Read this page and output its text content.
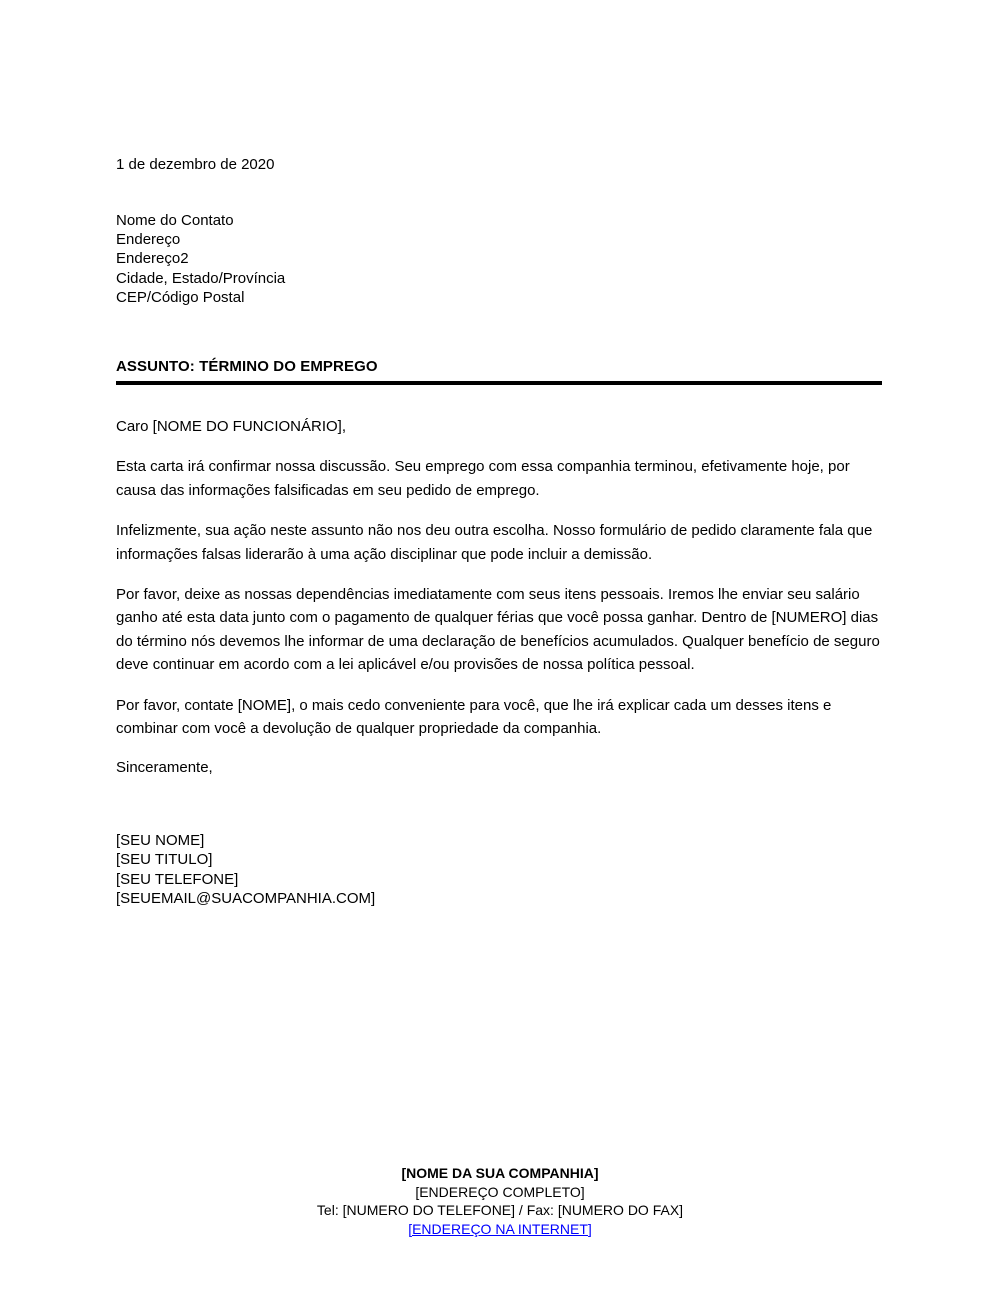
1 de dezembro de 2020
Nome do Contato
Endereço
Endereço2
Cidade, Estado/Província
CEP/Código Postal
ASSUNTO: TÉRMINO DO EMPREGO

Caro [NOME DO FUNCIONÁRIO],

Esta carta irá confirmar nossa discussão. Seu emprego com essa companhia terminou, efetivamente hoje, por causa das informações falsificadas em seu pedido de emprego.

Infelizmente, sua ação neste assunto não nos deu outra escolha. Nosso formulário de pedido claramente fala que informações falsas liderarão à uma ação disciplinar que pode incluir a demissão.

Por favor, deixe as nossas dependências imediatamente com seus itens pessoais. Iremos lhe enviar seu salário ganho até esta data junto com o pagamento de qualquer férias que você possa ganhar. Dentro de [NUMERO] dias do término nós devemos lhe informar de uma declaração de benefícios acumulados. Qualquer benefício de seguro deve continuar em acordo com a lei aplicável e/ou provisões de nossa política pessoal.

Por favor, contate [NOME], o mais cedo conveniente para você, que lhe irá explicar cada um desses itens e combinar com você a devolução de qualquer propriedade da companhia.

Sinceramente,
[SEU NOME]
[SEU TITULO]
[SEU TELEFONE]
[SEUEMAIL@SUACOMPANHIA.COM]
[NOME DA SUA COMPANHIA]
[ENDEREÇO COMPLETO]
Tel: [NUMERO DO TELEFONE] / Fax: [NUMERO DO FAX]
[ENDEREÇO NA INTERNET]
